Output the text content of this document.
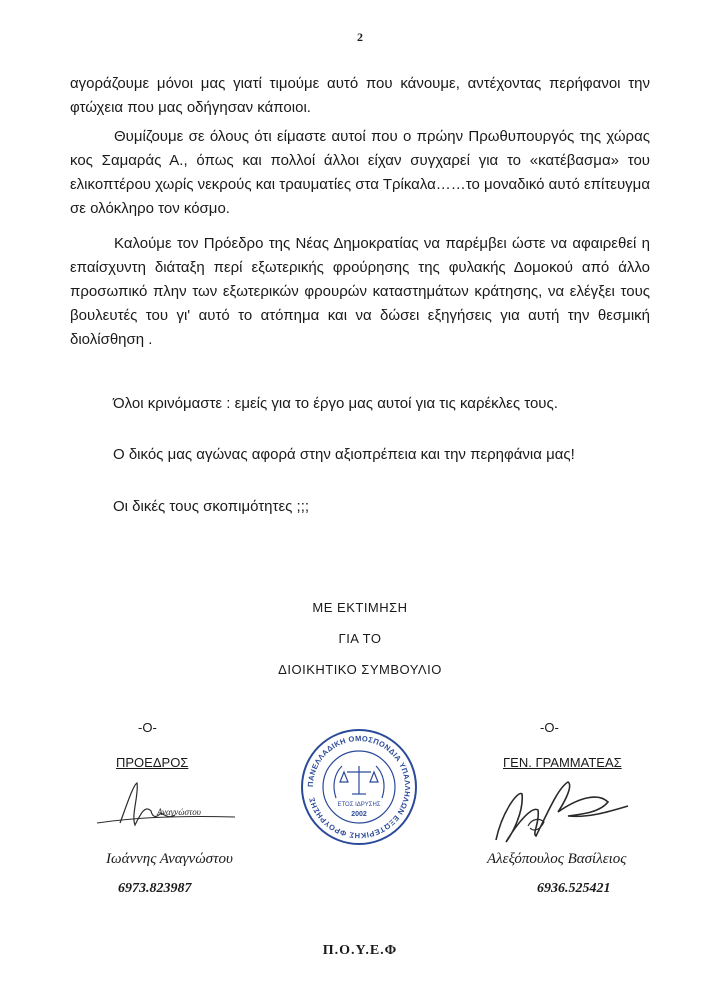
2

αγοράζουμε μόνοι μας γιατί τιμούμε αυτό που κάνουμε, αντέχοντας περήφανοι την φτώχεια που μας οδήγησαν κάποιοι.

Θυμίζουμε σε όλους ότι είμαστε αυτοί που ο πρώην Πρωθυπουργός της χώρας κος Σαμαράς Α., όπως και πολλοί άλλοι είχαν συγχαρεί για το «κατέβασμα» του ελικοπτέρου χωρίς νεκρούς και τραυματίες στα Τρίκαλα……το μοναδικό αυτό επίτευγμα σε ολόκληρο τον κόσμο.

Καλούμε τον Πρόεδρο της Νέας Δημοκρατίας να παρέμβει ώστε να αφαιρεθεί η επαίσχυντη διάταξη περί εξωτερικής φρούρησης της φυλακής Δομοκού από άλλο προσωπικό πλην των εξωτερικών φρουρών καταστημάτων κράτησης, να ελέγξει τους βουλευτές του γι' αυτό το ατόπημα και να δώσει εξηγήσεις για αυτή την θεσμική διολίσθηση .

Όλοι κρινόμαστε : εμείς για το έργο μας αυτοί για τις καρέκλες τους.
Ο δικός μας αγώνας αφορά στην αξιοπρέπεια και την περηφάνια μας!
Οι δικές τους σκοπιμότητες ;;;
ΜΕ ΕΚΤΙΜΗΣΗ
ΓΙΑ ΤΟ
ΔΙΟΙΚΗΤΙΚΟ ΣΥΜΒΟΥΛΙΟ
-Ο-
ΠΡΟΕΔΡΟΣ
Αναγνώστου
Ιωάννης Αναγνώστου
6973.823987
ΠΑΝΕΛΛΑΔΙΚΗ ΟΜΟΣΠΟΝΔΙΑ ΥΠΑΛΛΗΛΩΝ ΕΞΩΤΕΡΙΚΗΣ ΦΡΟΥΡΗΣΗΣ
ΕΤΟΣ ΙΔΡΥΣΗΣ
2002
-Ο-
ΓΕΝ. ΓΡΑΜΜΑΤΕΑΣ
Αλεξόπουλος Βασίλειος
6936.525421
Π.Ο.Υ.Ε.Φ
